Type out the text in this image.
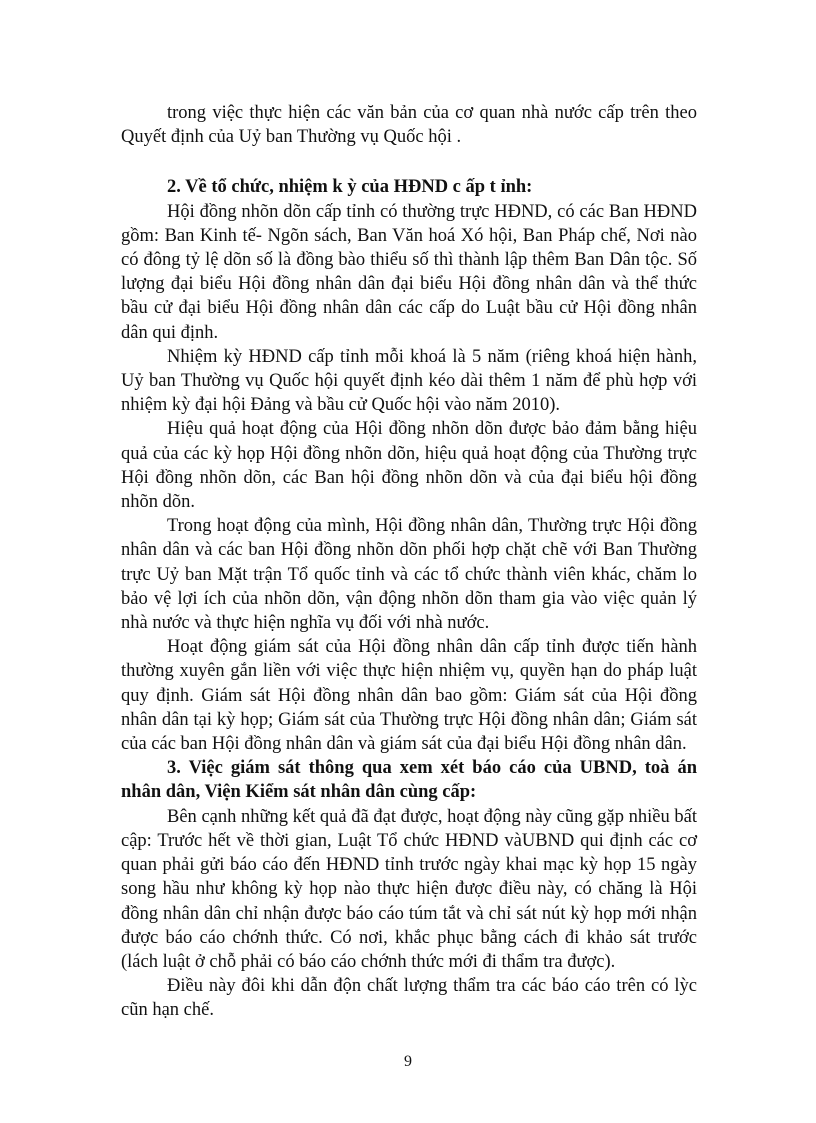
trong việc thực hiện các văn bản của cơ quan nhà nước cấp trên theo Quyết định của Uỷ ban Thường vụ Quốc hội .

2. Về tổ chức, nhiệm k ỳ của HĐND c ấp t ỉnh:

Hội đồng nhõn dõn cấp tỉnh có thường trực HĐND, có các Ban HĐND gồm: Ban Kinh tế- Ngõn sách, Ban Văn hoá Xó hội, Ban Pháp chế, Nơi nào có đông tỷ lệ dõn số là đồng bào thiểu số thì thành lập thêm Ban Dân tộc. Số lượng đại biểu Hội đồng nhân dân đại biểu Hội đồng nhân dân và thể thức bầu cử đại biểu Hội đồng nhân dân các cấp do Luật bầu cử Hội đồng nhân dân qui định.

Nhiệm kỳ HĐND cấp tỉnh mỗi khoá là 5 năm (riêng khoá hiện hành, Uỷ ban Thường vụ Quốc hội quyết định kéo dài thêm 1 năm để phù hợp với nhiệm kỳ đại hội Đảng và bầu cử Quốc hội vào năm 2010).

Hiệu quả hoạt động của Hội đồng nhõn dõn được bảo đảm bằng hiệu quả của các kỳ họp Hội đồng nhõn dõn, hiệu quả hoạt động của Thường trực Hội đồng nhõn dõn, các Ban hội đồng nhõn dõn và của đại biểu hội đồng nhõn dõn.

Trong hoạt động của mình, Hội đồng nhân dân, Thường trực Hội đồng nhân dân và các ban Hội đồng nhõn dõn phối hợp chặt chẽ với Ban Thường trực Uỷ ban Mặt trận Tổ quốc tỉnh và các tổ chức thành viên khác, chăm lo bảo vệ lợi ích của nhõn dõn, vận động nhõn dõn tham gia vào việc quản lý nhà nước và thực hiện nghĩa vụ đối với nhà nước.

Hoạt động giám sát của Hội đồng nhân dân cấp tỉnh được tiến hành thường xuyên gắn liền với việc thực hiện nhiệm vụ, quyền hạn do pháp luật quy định. Giám sát Hội đồng nhân dân bao gồm: Giám sát của Hội đồng nhân dân tại kỳ họp; Giám sát của Thường trực Hội đồng nhân dân; Giám sát của các ban Hội đồng nhân dân và giám sát của đại biểu Hội đồng nhân dân.

3. Việc giám sát thông qua xem xét báo cáo của UBND, toà án nhân dân, Viện Kiểm sát nhân dân cùng cấp:

Bên cạnh những kết quả đã đạt được, hoạt động này cũng gặp nhiều bất cập: Trước hết về thời gian, Luật Tổ chức HĐND vàUBND qui định các cơ quan phải gửi báo cáo đến HĐND tỉnh trước ngày khai mạc kỳ họp 15 ngày song hầu như không kỳ họp nào thực hiện được điều này, có chăng là Hội đồng nhân dân chỉ nhận được báo cáo túm tắt và chỉ sát nút kỳ họp mới nhận được báo cáo chớnh thức. Có nơi, khắc phục bằng cách đi khảo sát trước (lách luật ở chỗ phải có báo cáo chớnh thức mới đi thẩm tra được).

Điều này đôi khi dẫn độn chất lượng thẩm tra các báo cáo trên có lỳc cũn hạn chế.

9
